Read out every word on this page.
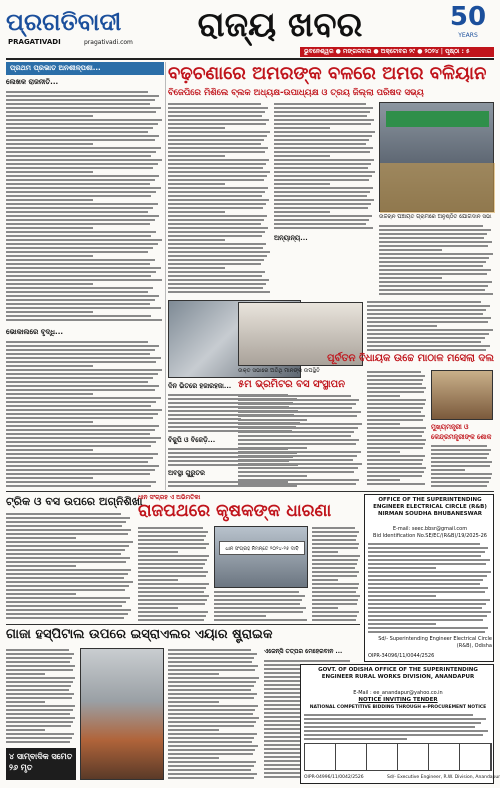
ପ୍ରଗତିବାଦୀ
PRAGATIVADI	pragativadi.com	ରାଜ୍ୟ ଖବର	50
YEARS
ଭୁବନେଶ୍ୱର ● ମଙ୍ଗଳବାର ● ଅକ୍ଟୋବର ୨୯ ● ୨୦୨୪ | ପୃଷ୍ଠା : ୫
ପ୍ରଥମ ପ୍ରଭାତ ଅନଶୀଳ୍ପଶା...
ଲେଖକ ରାଜନୀତି...
ଭୋକାଲରେ ବୃଦ୍ଧି...
ବଢ଼ଚଣାରେ ଅମରଙ୍କ ବଳରେ ଅମର ବଳିୟାନ
ବିଜେପିରେ ମିଶିଲେ ବ୍ଲକ ଅଧ୍ୟକ୍ଷ-ଉପାଧ୍ୟକ୍ଷ ଓ ତ୍ରୟ ଜିଲ୍ଲା ପରିଷଦ ସଭ୍ୟ
ଉଚ୍ଚଚାନ ପଞ୍ଚାୟତ ଗ୍ରାମରେ ଅନୁଷ୍ଠିତ ଯୋଗଦାନ ସଭା
ଅନ୍ୟାନ୍ୟ...
ଦିନ ଭିତରେ ହଜାରହଜା...
ବିଜୁପି ଓ ବିଜେଡ଼ି...
ଅବସ୍ଥା ଗୁରୁତର
ଉକ୍ତ ସଭାରେ ଅତିଥି ମାନଙ୍କ ଉପସ୍ଥିତି
୫ମ ଭ୍ରମିଟର ବସ ସଂସ୍ଥାପନ
ପୂର୍ବତନ ବିଧାୟକ ଉଚ୍ଚେ ମାଠାଳ ମସେଲା ଦଲ
ମୁଖ୍ୟମନ୍ତ୍ରୀ ଓ କେନ୍ଦ୍ରମନ୍ତ୍ରୀଙ୍କ ଶୋକ
ଟ୍ରିକ ଓ ବସ ଉପରେ ଅଗ୍ନିଶିଖା
ଧାନ ସଂଗ୍ରହ ଏ ଅଭିମତିକା
ରାଜପଥରେ କୃଷକଙ୍କ ଧାରଣା
ଧାନ ସଂଗ୍ରହ ନିମନ୍ତେ ୨୦୨୪-୨୫ ଦାବି
OFFICE OF THE SUPERINTENDING ENGINEER ELECTRICAL CIRCLE (R&B) NIRMAN SOUDHA BHUBANESWAR
E-mail: seec.bbsr@gmail.com
Bid Identification No.SE/EC/(R&B)/19/2025-26
Sd/- Superintending Engineer Electrical Circle (R&B), Odisha
OIPR-34096/11/0044/2526
ଗାଜା ହସ୍ପିଟାଲ ଉପରେ ଇସ୍ରାଏଲର ଏୟାର ଷ୍ଟ୍ରାଇକ
୪ ସାମ୍ବାଦିକ ସମେତ ୨୬ ମୃତ
ଏଜେନ୍ସି ତତ୍ପର ମେହେରବାନ ...
GOVT. OF ODISHA OFFICE OF THE SUPERINTENDING ENGINEER RURAL WORKS DIVISION, ANANDAPUR
E-Mail : ee_anandapur@yahoo.co.in
NOTICE INVITING TENDER
NATIONAL COMPETITIVE BIDDING THROUGH e-PROCUREMENT NOTICE
OIPR-04996/11/0042/2526	Sd/- Executive Engineer, R.W. Division, Anandapur
